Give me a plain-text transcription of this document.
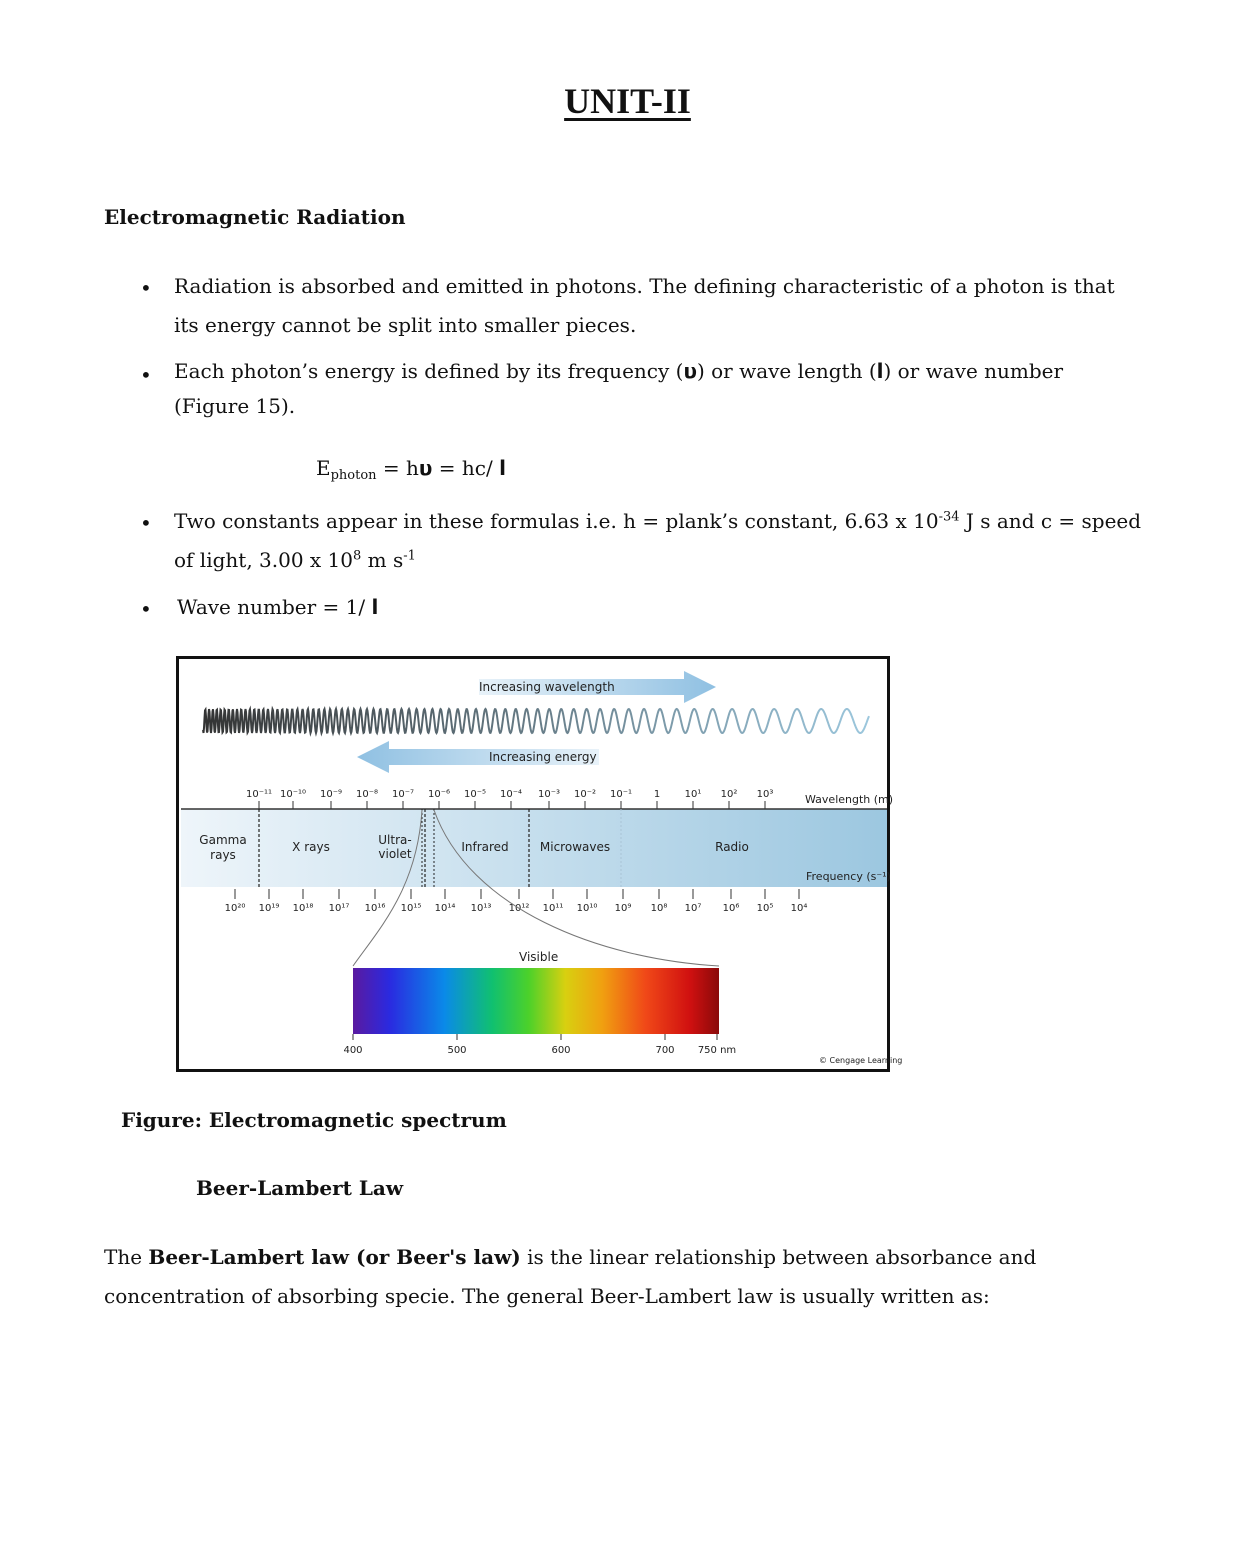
UNIT-II
Electromagnetic Radiation
• Radiation is absorbed and emitted in photons. The defining characteristic of a photon is that
its energy cannot be split into smaller pieces.
• Each photon’s energy is defined by its frequency (υ) or wave length (l) or wave number
(Figure 15).
$E_{photon} = h\upsilon = hc/$ l
• Two constants appear in these formulas i.e. h = plank’s constant, 6.63 x $10^{-34}$ J s and c = speed
of light, 3.00 x $10^8$ m $s^{-1}$
• Wave number = 1/ l
Increasing wavelength
Increasing energy
10⁻¹¹ 10⁻¹⁰ 10⁻⁹ 10⁻⁸ 10⁻⁷ 10⁻⁶ 10⁻⁵ 10⁻⁴ 10⁻³ 10⁻² 10⁻¹ 1 10¹ 10² 10³	Wavelength (m)
Gamma rays
X rays	Ultra-violet	Infrared	Microwaves	Radio
Frequency (s⁻¹)
10²⁰ 10¹⁹ 10¹⁸ 10¹⁷ 10¹⁶ 10¹⁵ 10¹⁴ 10¹³ 10¹² 10¹¹ 10¹⁰ 10⁹ 10⁸ 10⁷ 10⁶ 10⁵ 10⁴
Visible
400	500	600	700 750 nm
© Cengage Learning
Figure: Electromagnetic spectrum
Beer-Lambert Law
The Beer-Lambert law (or Beer's law) is the linear relationship between absorbance and
concentration of absorbing specie. The general Beer-Lambert law is usually written as:
